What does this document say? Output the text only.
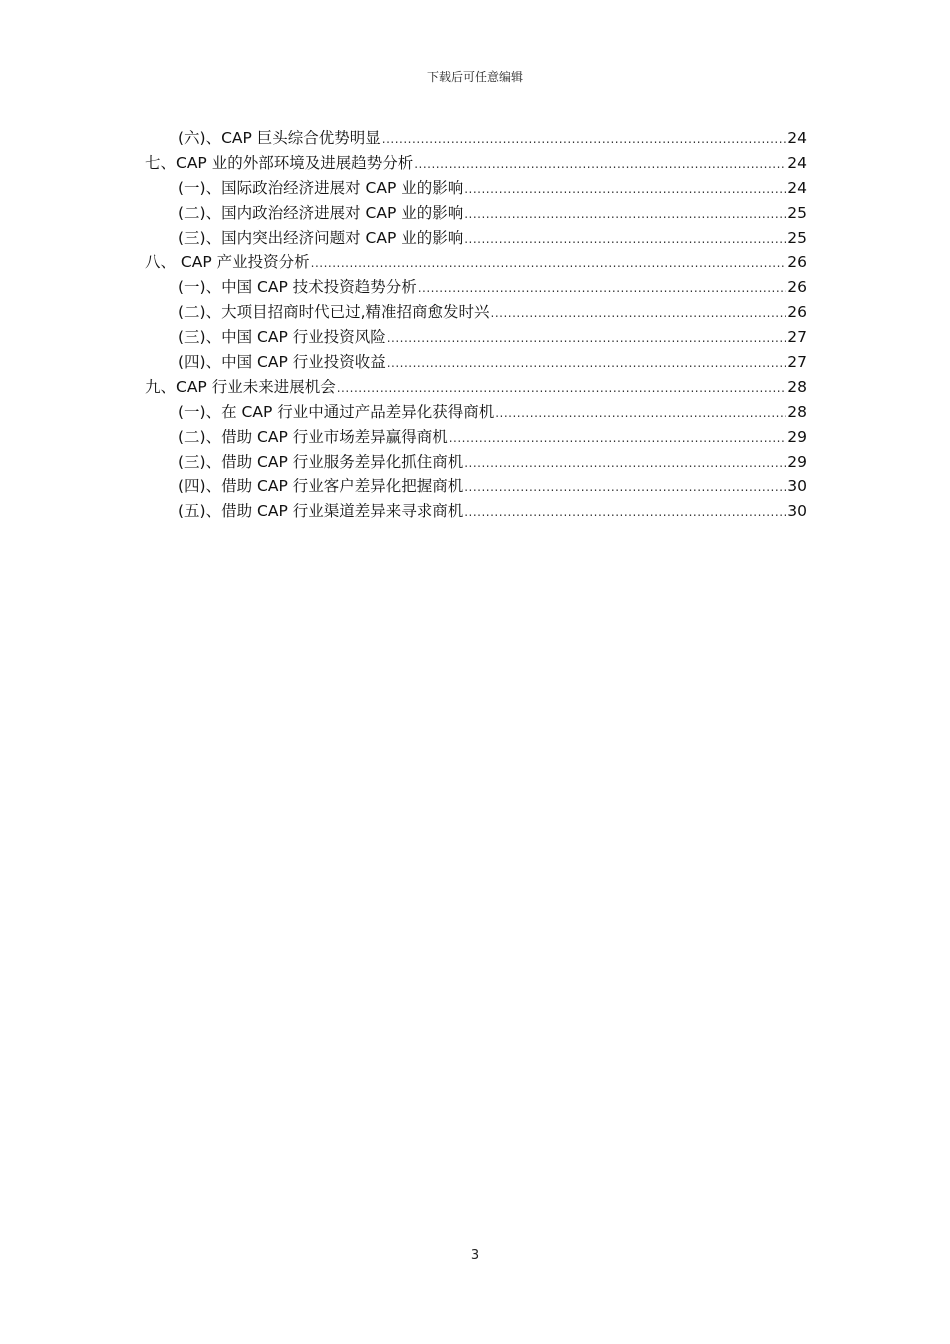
下载后可任意编辑
(六)、CAP 巨头综合优势明显 .....	24
七、CAP 业的外部环境及进展趋势分析 .....	24
(一)、国际政治经济进展对 CAP 业的影响 .....	24
(二)、国内政治经济进展对 CAP 业的影响 .....	25
(三)、国内突出经济问题对 CAP 业的影响 .....	25
八、 CAP 产业投资分析 .....	26
(一)、中国 CAP 技术投资趋势分析 .....	26
(二)、大项目招商时代已过,精准招商愈发时兴 .....	26
(三)、中国 CAP 行业投资风险 .....	27
(四)、中国 CAP 行业投资收益 .....	27
九、CAP 行业未来进展机会 .....	28
(一)、在 CAP 行业中通过产品差异化获得商机 .....	28
(二)、借助 CAP 行业市场差异赢得商机 .....	29
(三)、借助 CAP 行业服务差异化抓住商机 .....	29
(四)、借助 CAP 行业客户差异化把握商机 .....	30
(五)、借助 CAP 行业渠道差异来寻求商机 .....	30
3
